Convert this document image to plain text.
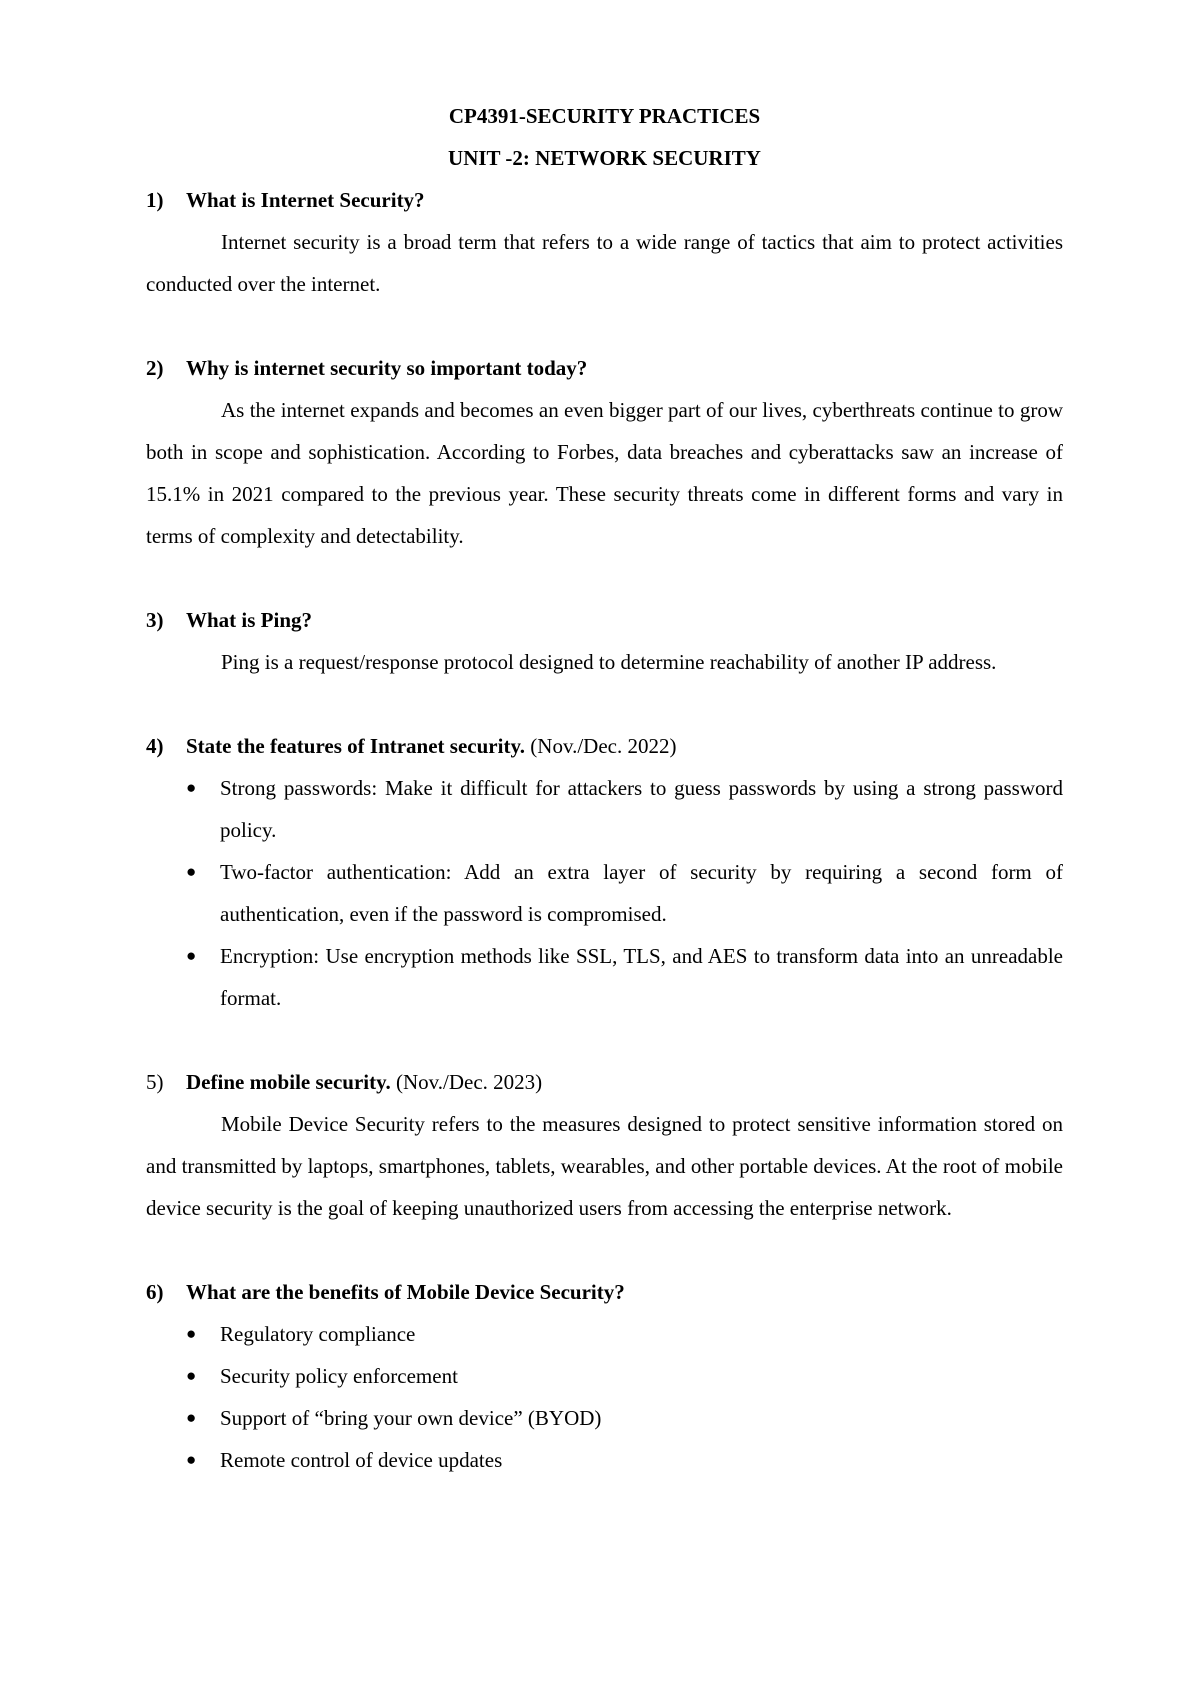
CP4391-SECURITY PRACTICES
UNIT -2: NETWORK SECURITY
1)	What is Internet Security?
Internet security is a broad term that refers to a wide range of tactics that aim to protect activities conducted over the internet.
2)	Why is internet security so important today?
As the internet expands and becomes an even bigger part of our lives, cyberthreats continue to grow both in scope and sophistication. According to Forbes, data breaches and cyberattacks saw an increase of 15.1% in 2021 compared to the previous year. These security threats come in different forms and vary in terms of complexity and detectability.
3)	What is Ping?
Ping is a request/response protocol designed to determine reachability of another IP address.
4)	State the features of Intranet security. (Nov./Dec. 2022)
●	Strong passwords: Make it difficult for attackers to guess passwords by using a strong password policy.
●	Two-factor authentication: Add an extra layer of security by requiring a second form of authentication, even if the password is compromised.
●	Encryption: Use encryption methods like SSL, TLS, and AES to transform data into an unreadable format.
5)	Define mobile security. (Nov./Dec. 2023)
Mobile Device Security refers to the measures designed to protect sensitive information stored on and transmitted by laptops, smartphones, tablets, wearables, and other portable devices. At the root of mobile device security is the goal of keeping unauthorized users from accessing the enterprise network.
6)	What are the benefits of Mobile Device Security?
●	Regulatory compliance
●	Security policy enforcement
●	Support of “bring your own device” (BYOD)
●	Remote control of device updates
